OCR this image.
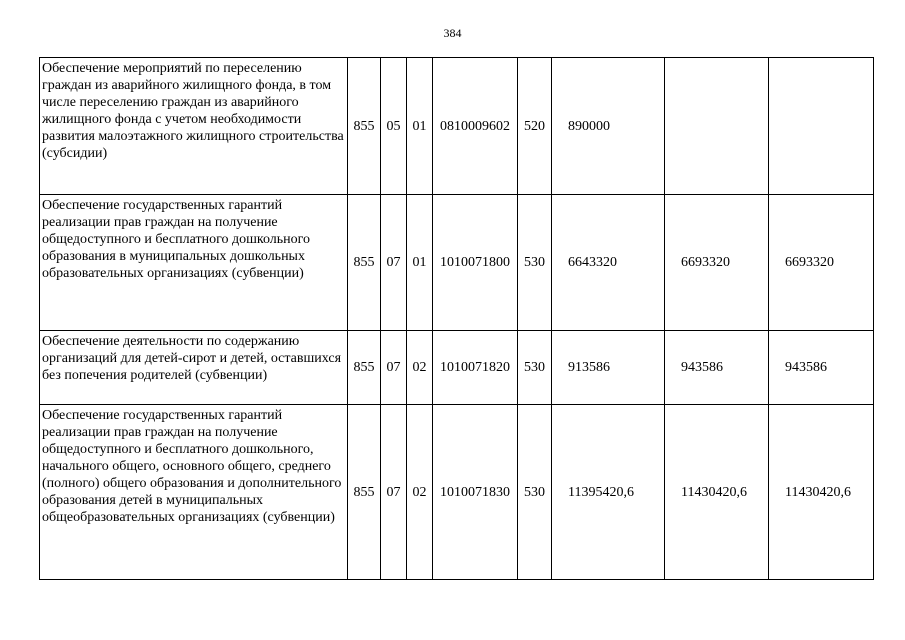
384
Обеспечение мероприятий по переселению граждан из аварийного жилищного фонда, в том числе переселению граждан из аварийного жилищного фонда с учетом необходимости развития малоэтажного жилищного строительства (субсидии)	855	05	01	0810009602	520	890000		
Обеспечение государственных гарантий реализации прав граждан на получение общедоступного и бесплатного дошкольного образования в муниципальных дошкольных образовательных организациях (субвенции)	855	07	01	1010071800	530	6643320	6693320	6693320
Обеспечение деятельности по содержанию организаций для детей-сирот и детей, оставшихся без попечения родителей (субвенции)	855	07	02	1010071820	530	913586	943586	943586
Обеспечение государственных гарантий реализации прав граждан на получение общедоступного и бесплатного дошкольного, начального общего, основного общего, среднего (полного) общего образования и дополнительного образования детей в муниципальных общеобразовательных организациях (субвенции)	855	07	02	1010071830	530	11395420,6	11430420,6	11430420,6
